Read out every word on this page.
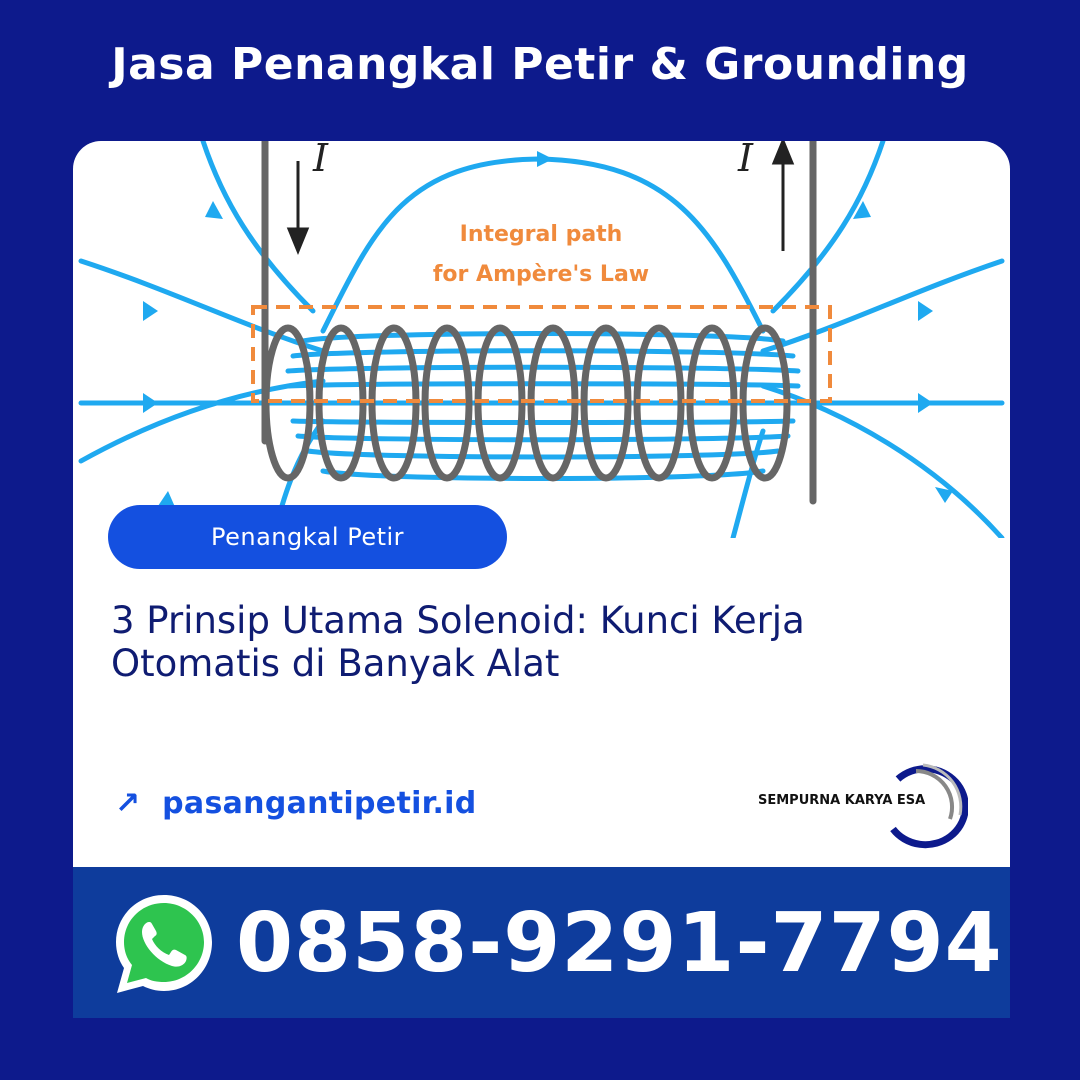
Jasa Penangkal Petir & Grounding
I	I
Integral path
for Ampère's Law
Penangkal Petir
3 Prinsip Utama Solenoid: Kunci Kerja Otomatis di Banyak Alat
↗ pasangantipetir.id	SEMPURNA KARYA ESA
0858-9291-7794
